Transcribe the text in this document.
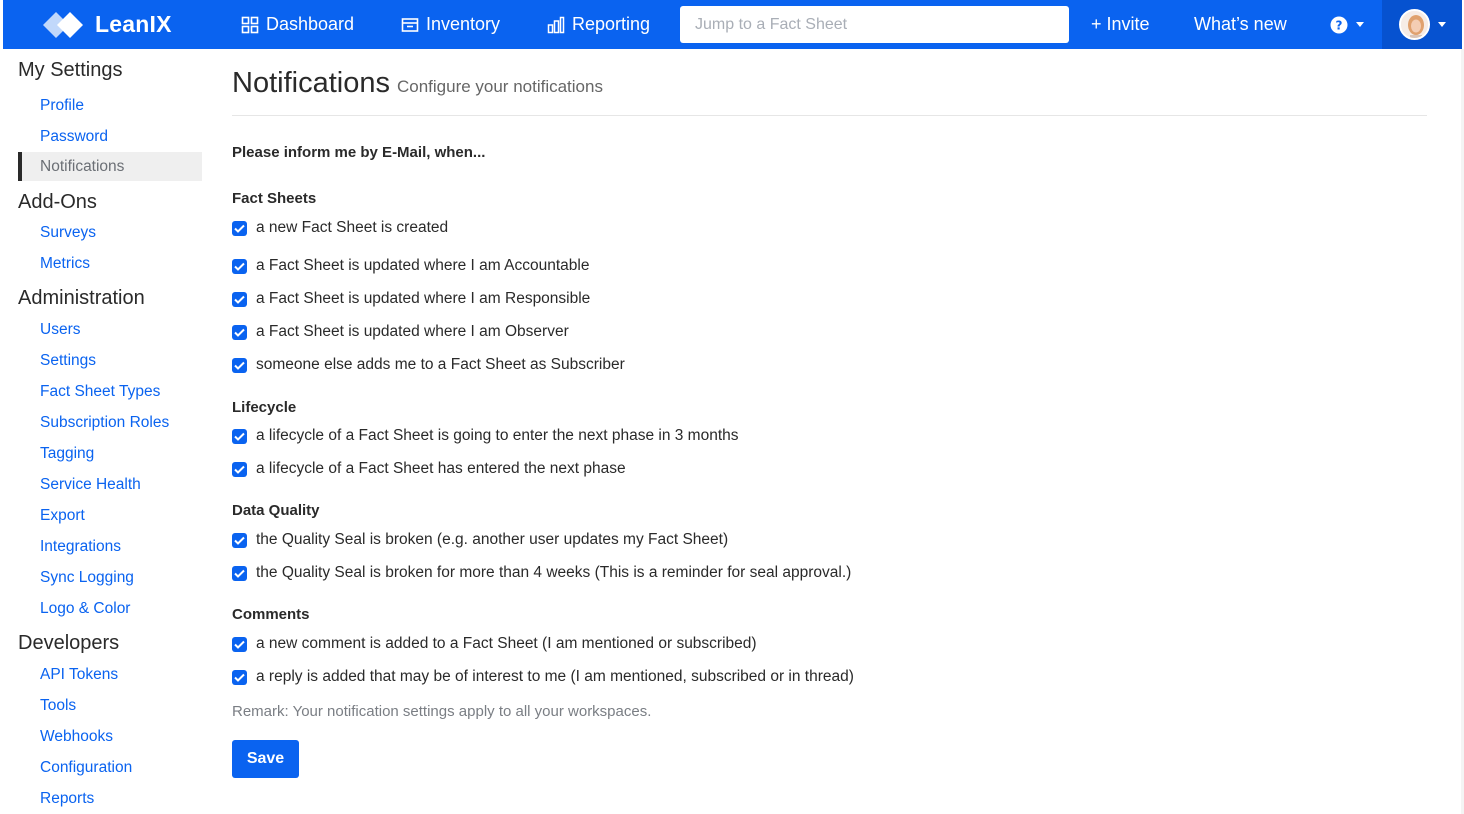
LeanIX	Dashboard	Inventory	Reporting
Jump to a Fact Sheet	+ Invite What’s new	?
My Settings
Profile
Password
Notifications
Add-Ons
Surveys
Metrics
Administration
Users
Settings
Fact Sheet Types
Subscription Roles
Tagging
Service Health
Export
Integrations
Sync Logging
Logo & Color
Developers
API Tokens
Tools
Webhooks
Configuration
Reports
Notifications Configure your notifications
Please inform me by E-Mail, when...
Fact Sheets
a new Fact Sheet is created
a Fact Sheet is updated where I am Accountable
a Fact Sheet is updated where I am Responsible
a Fact Sheet is updated where I am Observer
someone else adds me to a Fact Sheet as Subscriber
Lifecycle
a lifecycle of a Fact Sheet is going to enter the next phase in 3 months
a lifecycle of a Fact Sheet has entered the next phase
Data Quality
the Quality Seal is broken (e.g. another user updates my Fact Sheet)
the Quality Seal is broken for more than 4 weeks (This is a reminder for seal approval.)
Comments
a new comment is added to a Fact Sheet (I am mentioned or subscribed)
a reply is added that may be of interest to me (I am mentioned, subscribed or in thread)
Remark: Your notification settings apply to all your workspaces.
Save
